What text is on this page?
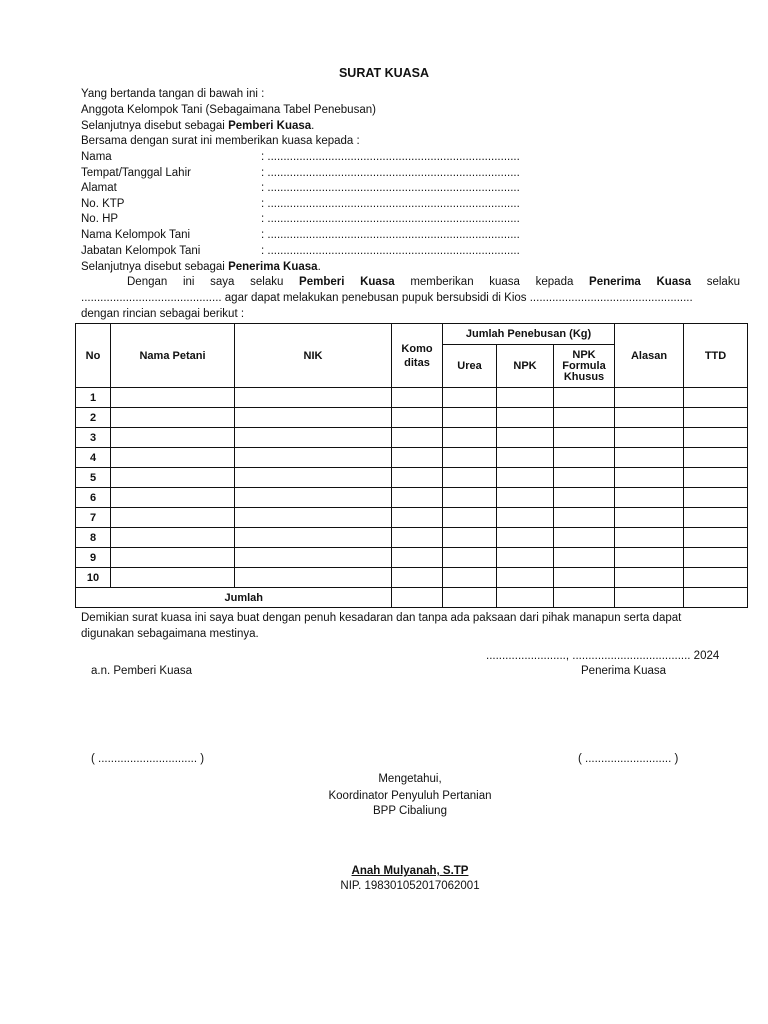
SURAT KUASA
Yang bertanda tangan di bawah ini :
Anggota Kelompok Tani (Sebagaimana Tabel Penebusan)
Selanjutnya disebut sebagai Pemberi Kuasa.
Bersama dengan surat ini memberikan kuasa kepada :
Nama	: ...............................................................................
Tempat/Tanggal Lahir	: ...............................................................................
Alamat	: ...............................................................................
No. KTP	: ...............................................................................
No. HP	: ...............................................................................
Nama Kelompok Tani	: ...............................................................................
Jabatan Kelompok Tani	: ...............................................................................
Selanjutnya disebut sebagai Penerima Kuasa.
Dengan ini saya selaku Pemberi Kuasa memberikan kuasa kepada Penerima Kuasa selaku ............................................ agar dapat melakukan penebusan pupuk bersubsidi di Kios ...................................................
dengan rincian sebagai berikut :
No	Nama Petani	NIK	Komo ditas	Jumlah Penebusan (Kg)			Alasan	TTD
				Urea	NPK	NPK Formula Khusus		
1								
2								
3								
4								
5								
6								
7								
8								
9								
10								
Jumlah								
Demikian surat kuasa ini saya buat dengan penuh kesadaran dan tanpa ada paksaan dari pihak manapun serta dapat
digunakan sebagaimana mestinya.
........................., ..................................... 2024
a.n. Pemberi Kuasa	Penerima Kuasa
( ............................... )	( ........................... )
Mengetahui,
Koordinator Penyuluh Pertanian
BPP Cibaliung
Anah Mulyanah, S.TP
NIP. 198301052017062001
